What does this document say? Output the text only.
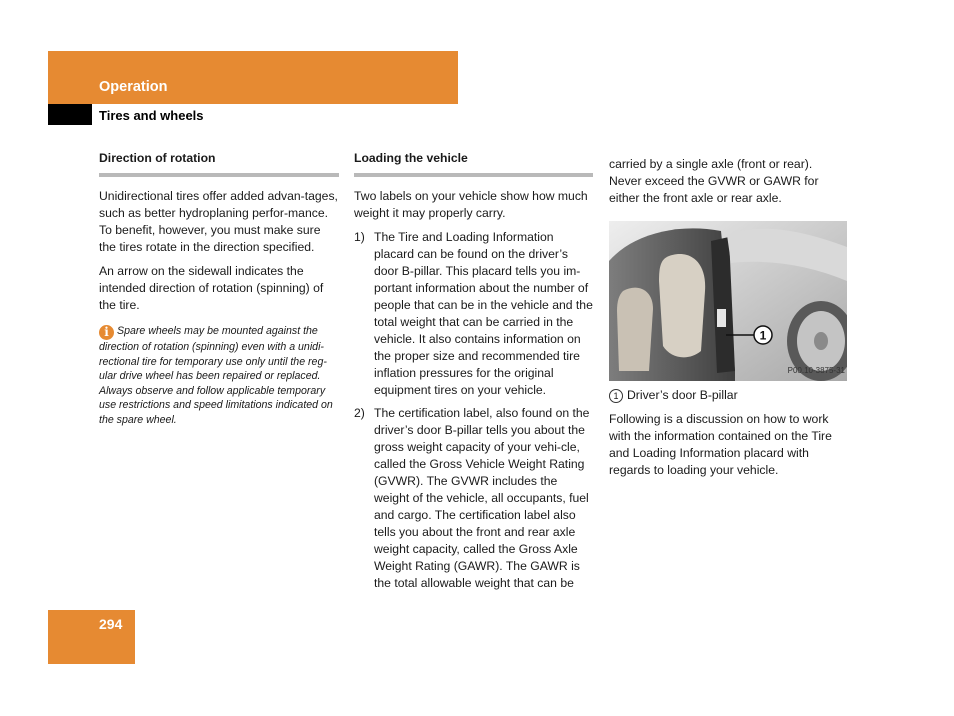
Operation
Tires and wheels
Direction of rotation

Unidirectional tires offer added advan-tages, such as better hydroplaning perfor-mance. To benefit, however, you must make sure the tires rotate in the direction specified.

An arrow on the sidewall indicates the intended direction of rotation (spinning) of the tire.

i Spare wheels may be mounted against the direction of rotation (spinning) even with a unidi-rectional tire for temporary use only until the reg-ular drive wheel has been repaired or replaced. Always observe and follow applicable temporary use restrictions and speed limitations indicated on the spare wheel.
Loading the vehicle

Two labels on your vehicle show how much weight it may properly carry.

1) The Tire and Loading Information placard can be found on the driver’s door B-pillar. This placard tells you im-portant information about the number of people that can be in the vehicle and the total weight that can be carried in the vehicle. It also contains information on the proper size and recommended tire inflation pressures for the original equipment tires on your vehicle.
2) The certification label, also found on the driver’s door B-pillar tells you about the gross weight capacity of your vehi-cle, called the Gross Vehicle Weight Rating (GVWR). The GVWR includes the weight of the vehicle, all occupants, fuel and cargo. The certification label also tells you about the front and rear axle weight capacity, called the Gross Axle Weight Rating (GAWR). The GAWR is the total allowable weight that can be

carried by a single axle (front or rear). Never exceed the GVWR or GAWR for either the front axle or rear axle.

1
P00.10-3875-31

1 Driver’s door B-pillar

Following is a discussion on how to work with the information contained on the Tire and Loading Information placard with regards to loading your vehicle.

294
